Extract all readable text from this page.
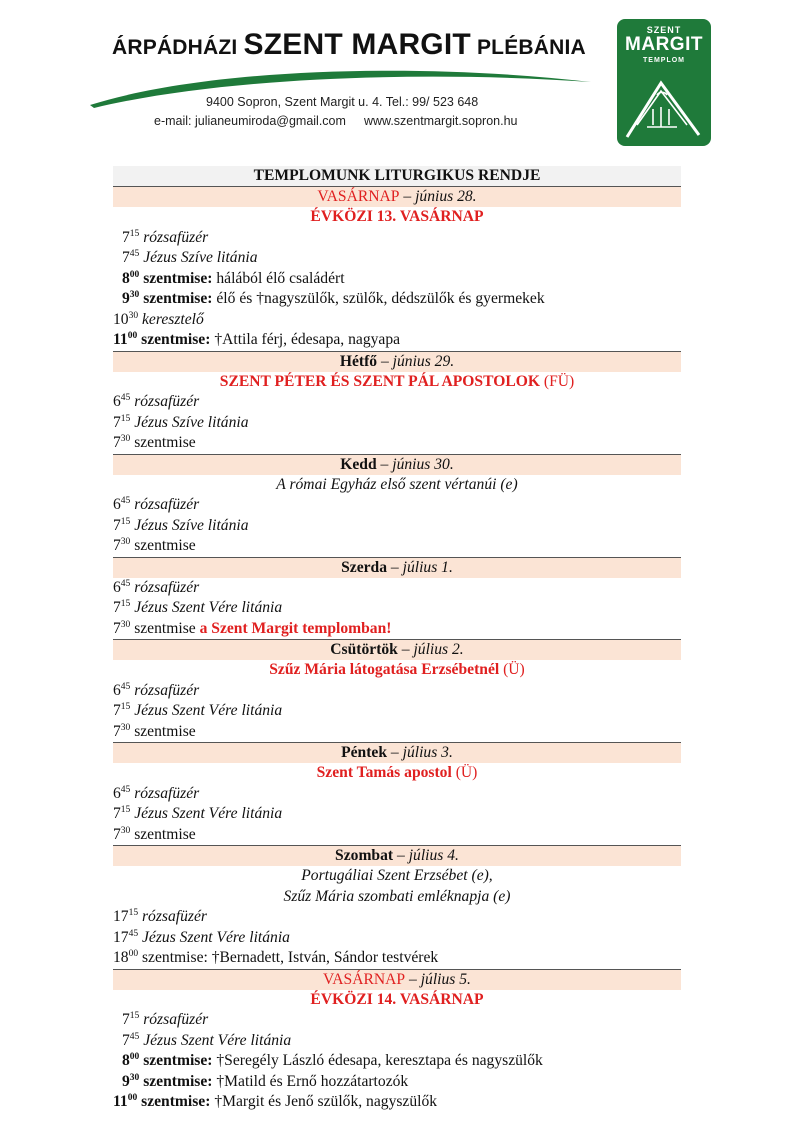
ÁRPÁDHÁZI SZENT MARGIT PLÉBÁNIA
9400 Sopron, Szent Margit u. 4. Tel.: 99/ 523 648
e-mail: julianeumiroda@gmail.com www.szentmargit.sopron.hu
SZENT
MARGIT
TEMPLOM
TEMPLOMUNK LITURGIKUS RENDJE
VASÁRNAP – június 28.
ÉVKÖZI 13. VASÁRNAP
$7^{15}$ rózsafüzér
$7^{45}$ Jézus Szíve litánia
$8^{00}$ szentmise: hálából élő családért
$9^{30}$ szentmise: élő és †nagyszülők, szülők, dédszülők és gyermekek
$10^{30}$ keresztelő
$11^{00}$ szentmise: †Attila férj, édesapa, nagyapa
Hétfő – június 29.
SZENT PÉTER ÉS SZENT PÁL APOSTOLOK (FÜ)
$6^{45}$ rózsafüzér
$7^{15}$ Jézus Szíve litánia
$7^{30}$ szentmise
Kedd – június 30.
A római Egyház első szent vértanúi (e)
$6^{45}$ rózsafüzér
$7^{15}$ Jézus Szíve litánia
$7^{30}$ szentmise
Szerda – július 1.
$6^{45}$ rózsafüzér
$7^{15}$ Jézus Szent Vére litánia
$7^{30}$ szentmise a Szent Margit templomban!
Csütörtök – július 2.
Szűz Mária látogatása Erzsébetnél (Ü)
$6^{45}$ rózsafüzér
$7^{15}$ Jézus Szent Vére litánia
$7^{30}$ szentmise
Péntek – július 3.
Szent Tamás apostol (Ü)
$6^{45}$ rózsafüzér
$7^{15}$ Jézus Szent Vére litánia
$7^{30}$ szentmise
Szombat – július 4.
Portugáliai Szent Erzsébet (e),
Szűz Mária szombati emléknapja (e)
$17^{15}$ rózsafüzér
$17^{45}$ Jézus Szent Vére litánia
$18^{00}$ szentmise: †Bernadett, István, Sándor testvérek
VASÁRNAP – július 5.
ÉVKÖZI 14. VASÁRNAP
$7^{15}$ rózsafüzér
$7^{45}$ Jézus Szent Vére litánia
$8^{00}$ szentmise: †Seregély László édesapa, keresztapa és nagyszülők
$9^{30}$ szentmise: †Matild és Ernő hozzátartozók
$11^{00}$ szentmise: †Margit és Jenő szülők, nagyszülők
